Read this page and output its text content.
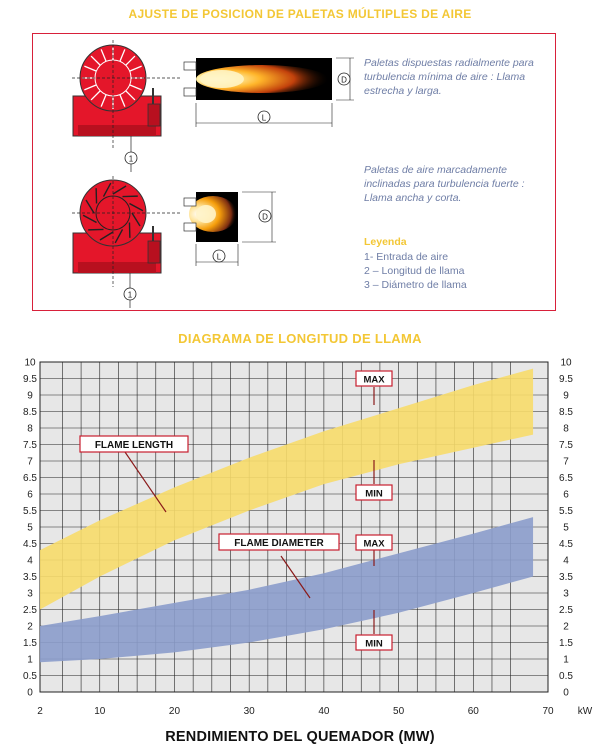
AJUSTE DE POSICION DE PALETAS MÚLTIPLES DE AIRE
1
L
D
1
L
D
Paletas dispuestas radialmente para turbulencia mínima de aire : Llama estrecha y larga.
Paletas de aire marcadamente inclinadas para turbulencia fuerte : Llama ancha y corta.
Leyenda
1- Entrada de aire
2 – Longitud de llama
3 – Diámetro de llama
DIAGRAMA DE LONGITUD DE LLAMA
0	0
0.5	0.5
1	1
1.5	1.5
2	2
2.5	2.5
3	3
3.5	3.5
4	4
4.5	4.5
5	5
5.5	5.5
6	6
6.5	6.5
7	7
7.5	7.5
8	8
8.5	8.5
9	9
9.5	9.5
10	10
2	10	20	30	40	50	60	70
FLAME LENGTH
FLAME DIAMETER
MAX
MIN
MAX
MIN
kW
RENDIMIENTO DEL QUEMADOR (MW)
